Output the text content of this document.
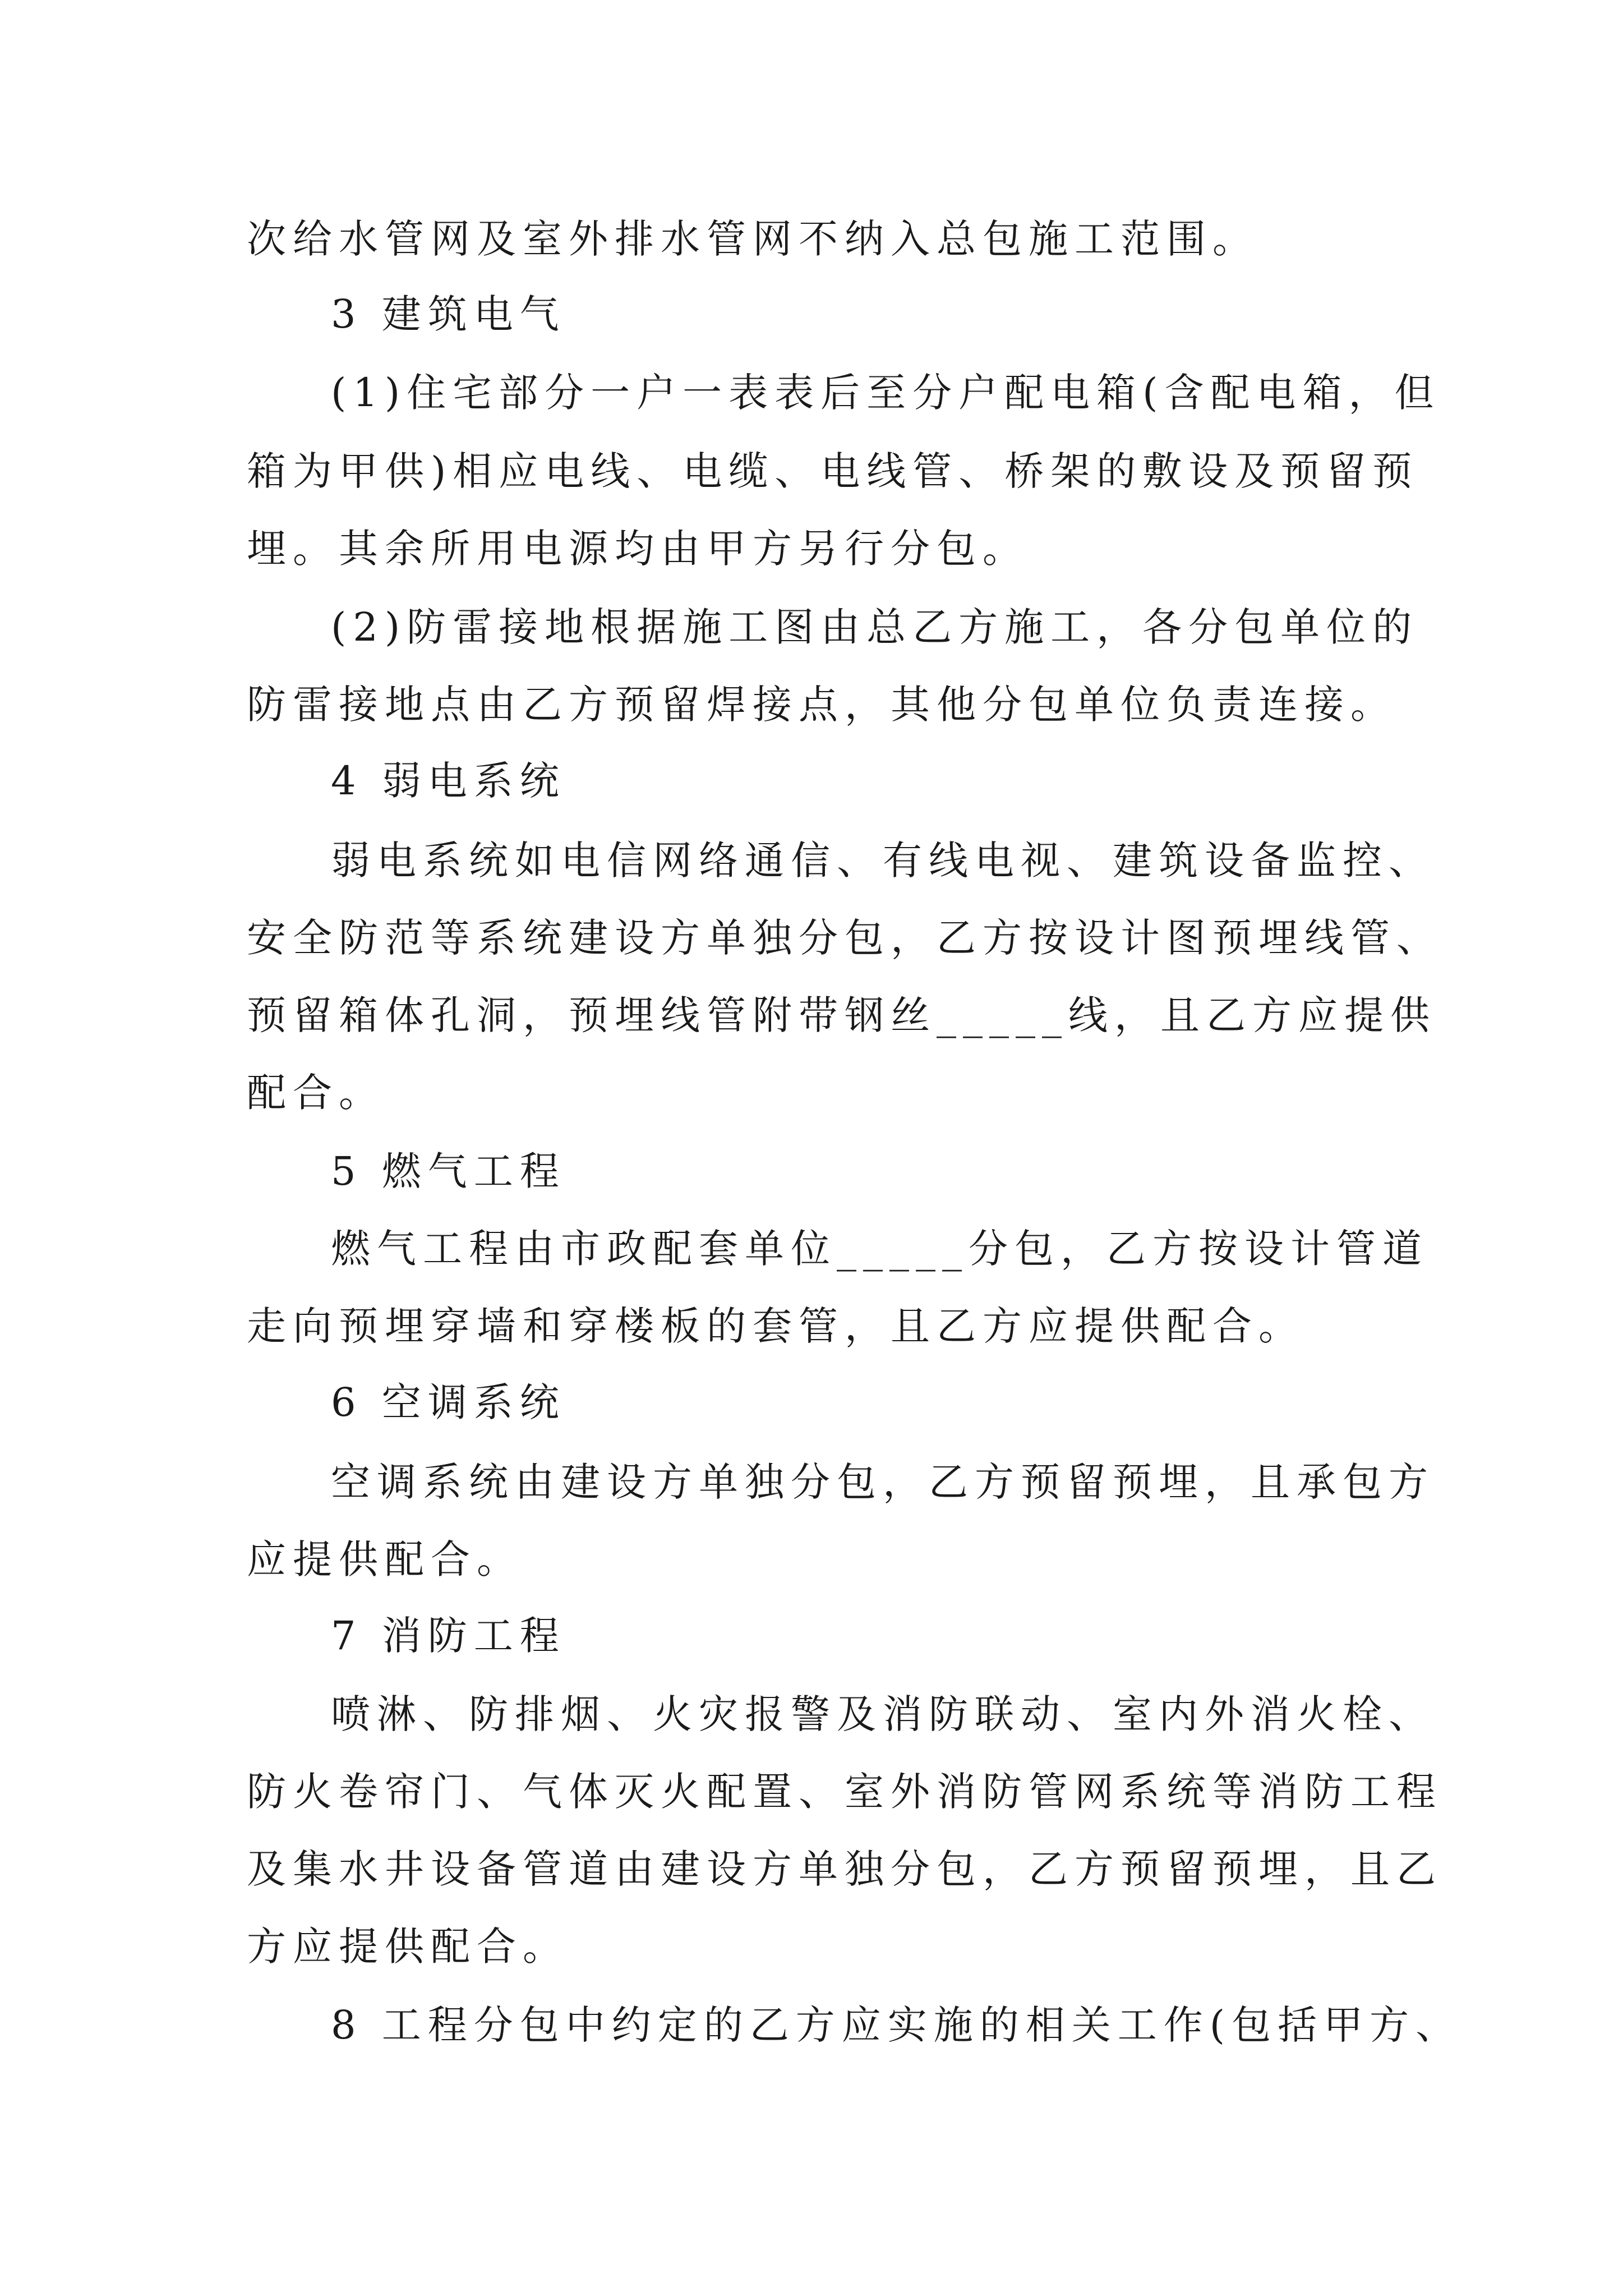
次给水管网及室外排水管网不纳入总包施工范围。
3 建筑电气
(1)住宅部分一户一表表后至分户配电箱(含配电箱，但
箱为甲供)相应电线、电缆、电线管、桥架的敷设及预留预
埋。其余所用电源均由甲方另行分包。
(2)防雷接地根据施工图由总乙方施工，各分包单位的
防雷接地点由乙方预留焊接点，其他分包单位负责连接。
4 弱电系统
弱电系统如电信网络通信、有线电视、建筑设备监控、
安全防范等系统建设方单独分包，乙方按设计图预埋线管、
预留箱体孔洞，预埋线管附带钢丝_____线，且乙方应提供
配合。
5 燃气工程
燃气工程由市政配套单位_____分包，乙方按设计管道
走向预埋穿墙和穿楼板的套管，且乙方应提供配合。
6 空调系统
空调系统由建设方单独分包，乙方预留预埋，且承包方
应提供配合。
7 消防工程
喷淋、防排烟、火灾报警及消防联动、室内外消火栓、
防火卷帘门、气体灭火配置、室外消防管网系统等消防工程
及集水井设备管道由建设方单独分包，乙方预留预埋，且乙
方应提供配合。
8 工程分包中约定的乙方应实施的相关工作(包括甲方、
